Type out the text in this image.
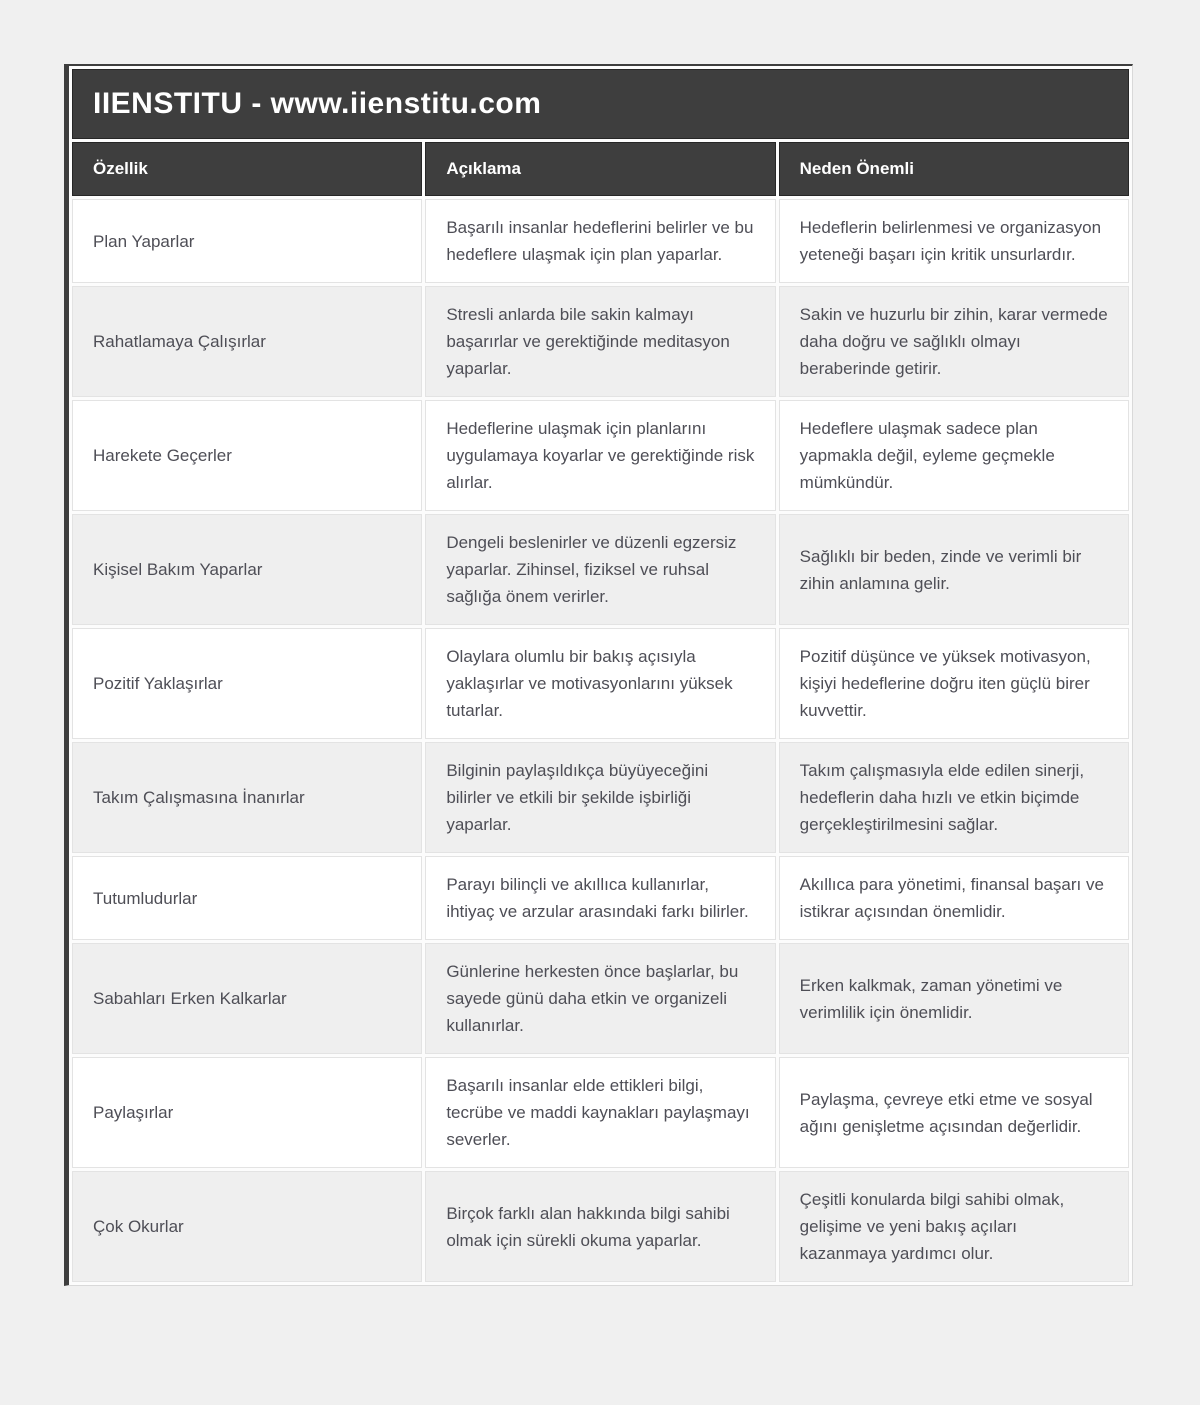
IIENSTITU - www.iienstitu.com		
Özellik	Açıklama	Neden Önemli
Plan Yaparlar	Başarılı insanlar hedeflerini belirler ve bu hedeflere ulaşmak için plan yaparlar.	Hedeflerin belirlenmesi ve organizasyon yeteneği başarı için kritik unsurlardır.
Rahatlamaya Çalışırlar	Stresli anlarda bile sakin kalmayı başarırlar ve gerektiğinde meditasyon yaparlar.	Sakin ve huzurlu bir zihin, karar vermede daha doğru ve sağlıklı olmayı beraberinde getirir.
Harekete Geçerler	Hedeflerine ulaşmak için planlarını uygulamaya koyarlar ve gerektiğinde risk alırlar.	Hedeflere ulaşmak sadece plan yapmakla değil, eyleme geçmekle mümkündür.
Kişisel Bakım Yaparlar	Dengeli beslenirler ve düzenli egzersiz yaparlar. Zihinsel, fiziksel ve ruhsal sağlığa önem verirler.	Sağlıklı bir beden, zinde ve verimli bir zihin anlamına gelir.
Pozitif Yaklaşırlar	Olaylara olumlu bir bakış açısıyla yaklaşırlar ve motivasyonlarını yüksek tutarlar.	Pozitif düşünce ve yüksek motivasyon, kişiyi hedeflerine doğru iten güçlü birer kuvvettir.
Takım Çalışmasına İnanırlar	Bilginin paylaşıldıkça büyüyeceğini bilirler ve etkili bir şekilde işbirliği yaparlar.	Takım çalışmasıyla elde edilen sinerji, hedeflerin daha hızlı ve etkin biçimde gerçekleştirilmesini sağlar.
Tutumludurlar	Parayı bilinçli ve akıllıca kullanırlar, ihtiyaç ve arzular arasındaki farkı bilirler.	Akıllıca para yönetimi, finansal başarı ve istikrar açısından önemlidir.
Sabahları Erken Kalkarlar	Günlerine herkesten önce başlarlar, bu sayede günü daha etkin ve organizeli kullanırlar.	Erken kalkmak, zaman yönetimi ve verimlilik için önemlidir.
Paylaşırlar	Başarılı insanlar elde ettikleri bilgi, tecrübe ve maddi kaynakları paylaşmayı severler.	Paylaşma, çevreye etki etme ve sosyal ağını genişletme açısından değerlidir.
Çok Okurlar	Birçok farklı alan hakkında bilgi sahibi olmak için sürekli okuma yaparlar.	Çeşitli konularda bilgi sahibi olmak, gelişime ve yeni bakış açıları kazanmaya yardımcı olur.
